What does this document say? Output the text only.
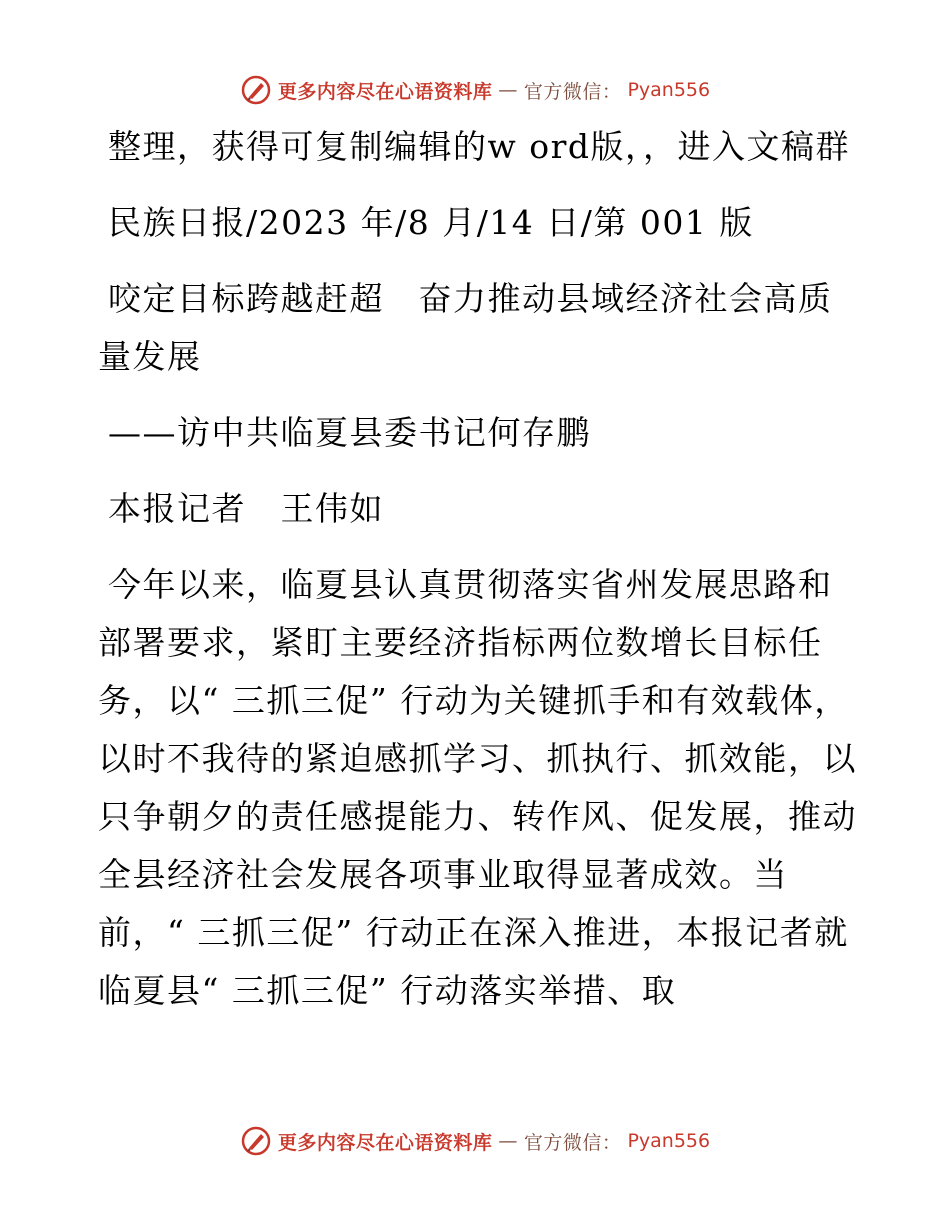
更多内容尽在心语资料库 — 官方微信： Pyan556

整理，获得可复制编辑的w ord版，，进入文稿群

民族日报/2023 年/8 月/14 日/第 001 版

咬定目标跨越赶超　奋力推动县域经济社会高质量发展

——访中共临夏县委书记何存鹏

本报记者　王伟如

今年以来，临夏县认真贯彻落实省州发展思路和部署要求，紧盯主要经济指标两位数增长目标任务，以“ 三抓三促” 行动为关键抓手和有效载体，以时不我待的紧迫感抓学习、抓执行、抓效能，以只争朝夕的责任感提能力、转作风、促发展，推动全县经济社会发展各项事业取得显著成效。当前，“ 三抓三促” 行动正在深入推进，本报记者就临夏县“ 三抓三促” 行动落实举措、取

更多内容尽在心语资料库 — 官方微信： Pyan556
